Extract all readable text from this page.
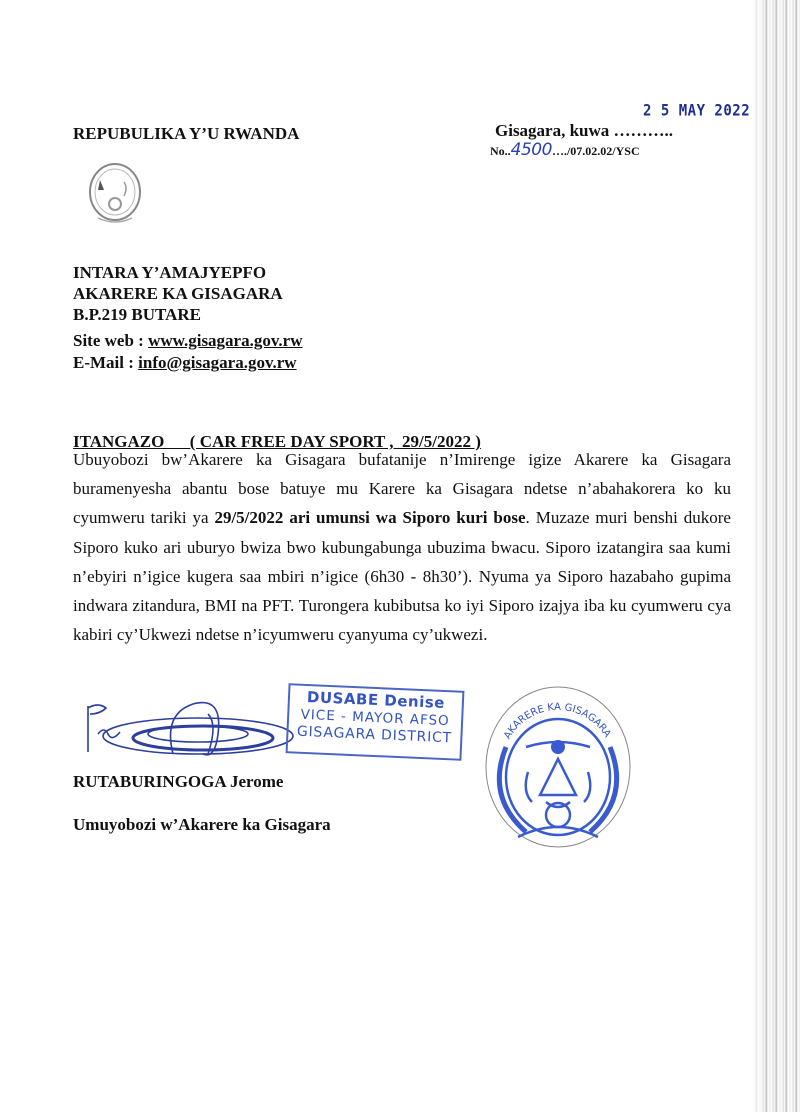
REPUBULIKA Y’U RWANDA
2 5 MAY 2022
Gisagara, kuwa ………..
No..4500…./07.02.02/YSC
INTARA Y’AMAJYEPFO
AKARERE KA GISAGARA
B.P.219 BUTARE
Site web : www.gisagara.gov.rw
E-Mail : info@gisagara.gov.rw
ITANGAZO      ( CAR FREE DAY SPORT ,  29/5/2022 )
Ubuyobozi bw’Akarere ka Gisagara bufatanije n’Imirenge igize Akarere ka Gisagara buramenyesha abantu bose batuye mu Karere ka Gisagara ndetse n’abahakorera ko ku cyumweru tariki ya 29/5/2022 ari umunsi wa Siporo kuri bose. Muzaze muri benshi dukore Siporo kuko ari uburyo bwiza bwo kubungabunga ubuzima bwacu. Siporo izatangira saa kumi n’ebyiri n’igice kugera saa mbiri n’igice (6h30 - 8h30’). Nyuma ya Siporo hazabaho gupima indwara zitandura, BMI na PFT. Turongera kubibutsa ko iyi Siporo izajya iba ku cyumweru cya kabiri cy’Ukwezi ndetse n’icyumweru cyanyuma cy’ukwezi.
DUSABE Denise
VICE - MAYOR AFSO
GISAGARA DISTRICT	AKARERE KA GISAGARA
RUTABURINGOGA Jerome
Umuyobozi w’Akarere ka Gisagara
